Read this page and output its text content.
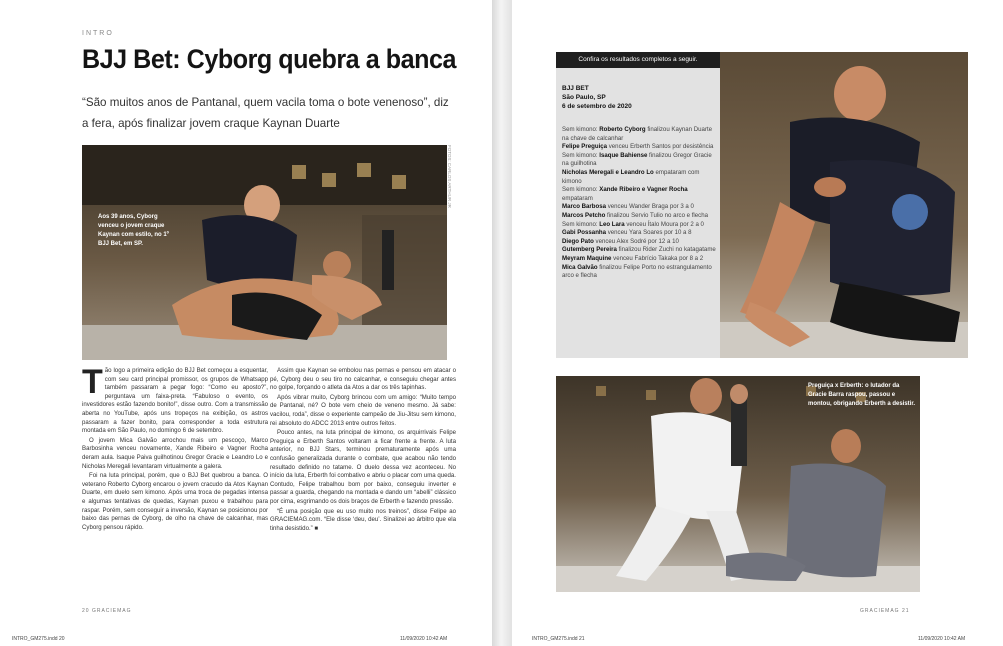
INTRO
BJJ Bet: Cyborg quebra a banca
“São muitos anos de Pantanal, quem vacila toma o bote venenoso”, diz a fera, após finalizar jovem craque Kaynan Duarte
Aos 39 anos, Cyborg venceu o jovem craque Kaynan com estilo, no 1º BJJ Bet, em SP.
FOTOS: CARLOS ARTHUR JR

Tão logo a primeira edição do BJJ Bet começou a esquentar, com seu card principal promissor, os grupos de Whatsapp também passaram a pegar fogo: “Como eu aposto?”, perguntava um faixa-preta. “Fabuloso o evento, os investidores estão fazendo bonito!”, disse outro. Com a transmissão aberta no YouTube, após uns tropeços na exibição, os astros passaram a fazer bonito, para corresponder a toda estrutura montada em São Paulo, no domingo 6 de setembro.

O jovem Mica Galvão arrochou mais um pescoço, Marco Barbosinha venceu novamente, Xande Ribeiro e Vagner Rocha deram aula. Isaque Paiva guilhotinou Gregor Gracie e Leandro Lo e Nicholas Meregali levantaram virtualmente a galera.

Foi na luta principal, porém, que o BJJ Bet quebrou a banca. O veterano Roberto Cyborg encarou o jovem cracudo da Atos Kaynan Duarte, em duelo sem kimono. Após uma troca de pegadas intensa e algumas tentativas de quedas, Kaynan puxou e trabalhou para raspar. Porém, sem conseguir a inversão, Kaynan se posicionou por baixo das pernas de Cyborg, de olho na chave de calcanhar, mas Cyborg pensou rápido.

Assim que Kaynan se embolou nas pernas e pensou em atacar o pé, Cyborg deu o seu tiro no calcanhar, e conseguiu chegar antes no golpe, forçando o atleta da Atos a dar os três tapinhas.

Após vibrar muito, Cyborg brincou com um amigo: “Muito tempo de Pantanal, né? O bote vem cheio de veneno mesmo. Já sabe: vacilou, roda”, disse o experiente campeão de Jiu-Jitsu sem kimono, rei absoluto do ADCC 2013 entre outros feitos.

Pouco antes, na luta principal de kimono, os arquirrivais Felipe Preguiça e Erberth Santos voltaram a ficar frente a frente. A luta anterior, no BJJ Stars, terminou prematuramente após uma confusão generalizada durante o combate, que acabou não tendo resultado definido no tatame. O duelo dessa vez aconteceu. No início da luta, Erberth foi combativo e abriu o placar com uma queda. Contudo, Felipe trabalhou bom por baixo, conseguiu inverter e passar a guarda, chegando na montada e dando um “abelli” clássico por cima, esgrimando os dois braços de Erberth e fazendo pressão.

“É uma posição que eu uso muito nos treinos”, disse Felipe ao GRACIEMAG.com. “Ele disse ‘deu, deu’. Sinalizei ao árbitro que ela tinha desistido.” ■

20 GRACIEMAG
INTRO_GM275.indd 20	11/09/2020 10:42 AM
Confira os resultados completos a seguir.
BJJ BET
São Paulo, SP
6 de setembro de 2020
Sem kimono: Roberto Cyborg finalizou Kaynan Duarte na chave de calcanhar
Felipe Preguiça venceu Erberth Santos por desistência
Sem kimono: Isaque Bahiense finalizou Gregor Gracie na guilhotina
Nicholas Meregali e Leandro Lo empataram com kimono
Sem kimono: Xande Ribeiro e Vagner Rocha empataram
Marco Barbosa venceu Wander Braga por 3 a 0
Marcos Petcho finalizou Servio Tulio no arco e flecha
Sem kimono: Leo Lara venceu Ítalo Moura por 2 a 0
Gabi Possanha venceu Yara Soares por 10 a 8
Diego Pato venceu Alex Sodré por 12 a 10
Gutemberg Pereira finalizou Rider Zuchi no katagatame
Meyram Maquine venceu Fabrício Takaka por 8 a 2
Mica Galvão finalizou Felipe Porto no estrangulamento arco e flecha
Preguiça x Erberth: o lutador da Gracie Barra raspou, passou e montou, obrigando Erberth a desistir.
GRACIEMAG 21
INTRO_GM275.indd 21	11/09/2020 10:42 AM
